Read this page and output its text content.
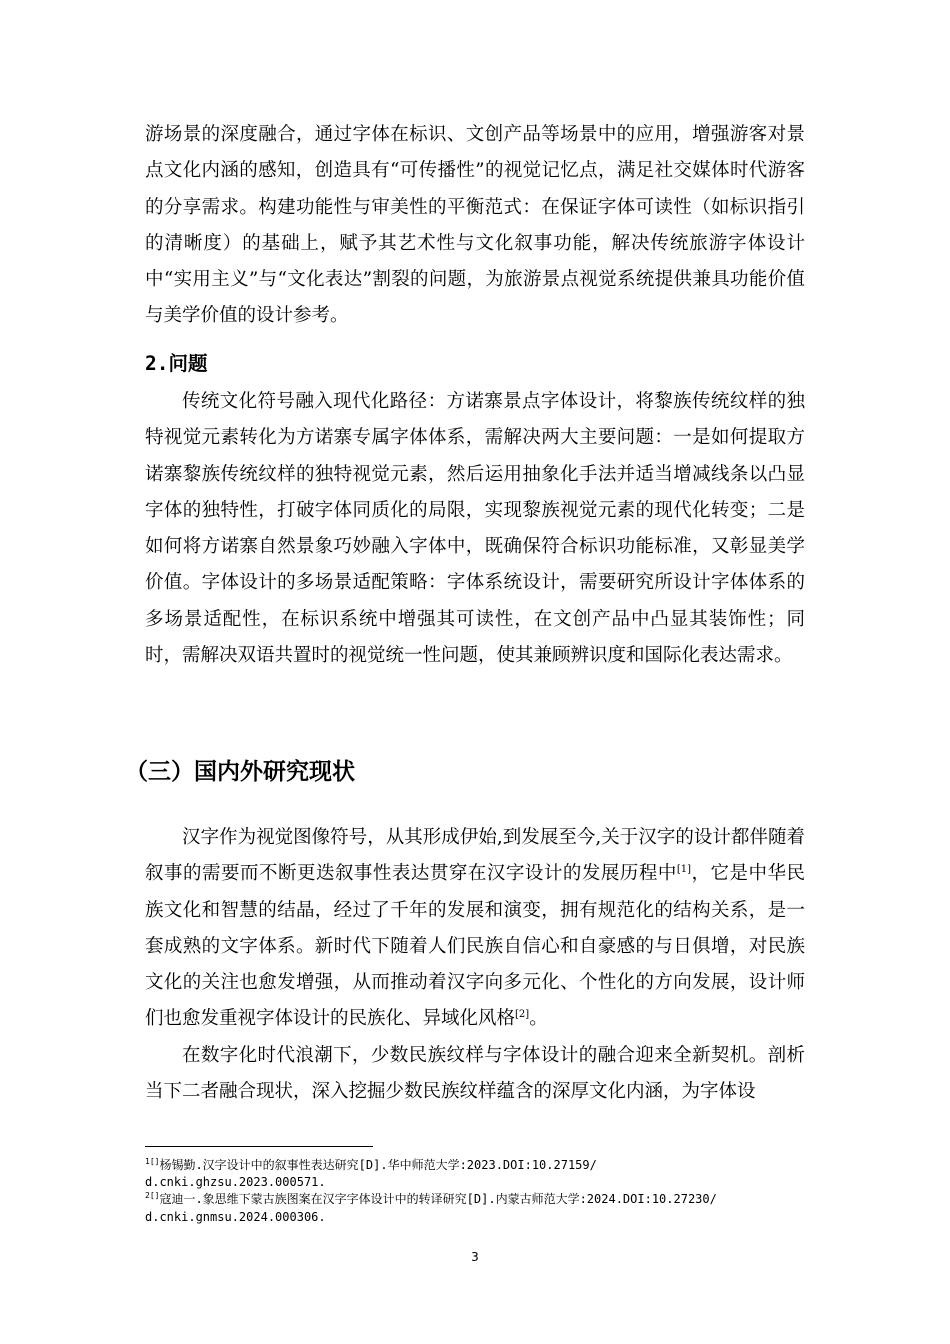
游场景的深度融合，通过字体在标识、文创产品等场景中的应用，增强游客对景点文化内涵的感知，创造具有“可传播性”的视觉记忆点，满足社交媒体时代游客的分享需求。构建功能性与审美性的平衡范式：在保证字体可读性（如标识指引的清晰度）的基础上，赋予其艺术性与文化叙事功能，解决传统旅游字体设计中“实用主义”与“文化表达”割裂的问题，为旅游景点视觉系统提供兼具功能价值与美学价值的设计参考。

2.问题

传统文化符号融入现代化路径：方诺寨景点字体设计，将黎族传统纹样的独特视觉元素转化为方诺寨专属字体体系，需解决两大主要问题：一是如何提取方诺寨黎族传统纹样的独特视觉元素，然后运用抽象化手法并适当增减线条以凸显字体的独特性，打破字体同质化的局限，实现黎族视觉元素的现代化转变；二是如何将方诺寨自然景象巧妙融入字体中，既确保符合标识功能标准，又彰显美学价值。字体设计的多场景适配策略：字体系统设计，需要研究所设计字体体系的多场景适配性，在标识系统中增强其可读性，在文创产品中凸显其装饰性；同时，需解决双语共置时的视觉统一性问题，使其兼顾辨识度和国际化表达需求。

（三）国内外研究现状

汉字作为视觉图像符号，从其形成伊始,到发展至今,关于汉字的设计都伴随着叙事的需要而不断更迭叙事性表达贯穿在汉字设计的发展历程中[1]，它是中华民族文化和智慧的结晶，经过了千年的发展和演变，拥有规范化的结构关系，是一套成熟的文字体系。新时代下随着人们民族自信心和自豪感的与日俱增，对民族文化的关注也愈发增强，从而推动着汉字向多元化、个性化的方向发展，设计师们也愈发重视字体设计的民族化、异域化风格[2]。

在数字化时代浪潮下，少数民族纹样与字体设计的融合迎来全新契机。剖析当下二者融合现状，深入挖掘少数民族纹样蕴含的深厚文化内涵，为字体设

$^{1[]}$杨锡勤.汉字设计中的叙事性表达研究[D].华中师范大学:2023.DOI:10.27159/
d.cnki.ghzsu.2023.000571.

$^{2[]}$寇迪一.象思维下蒙古族图案在汉字字体设计中的转译研究[D].内蒙古师范大学:2024.DOI:10.27230/
d.cnki.gnmsu.2024.000306.

3
